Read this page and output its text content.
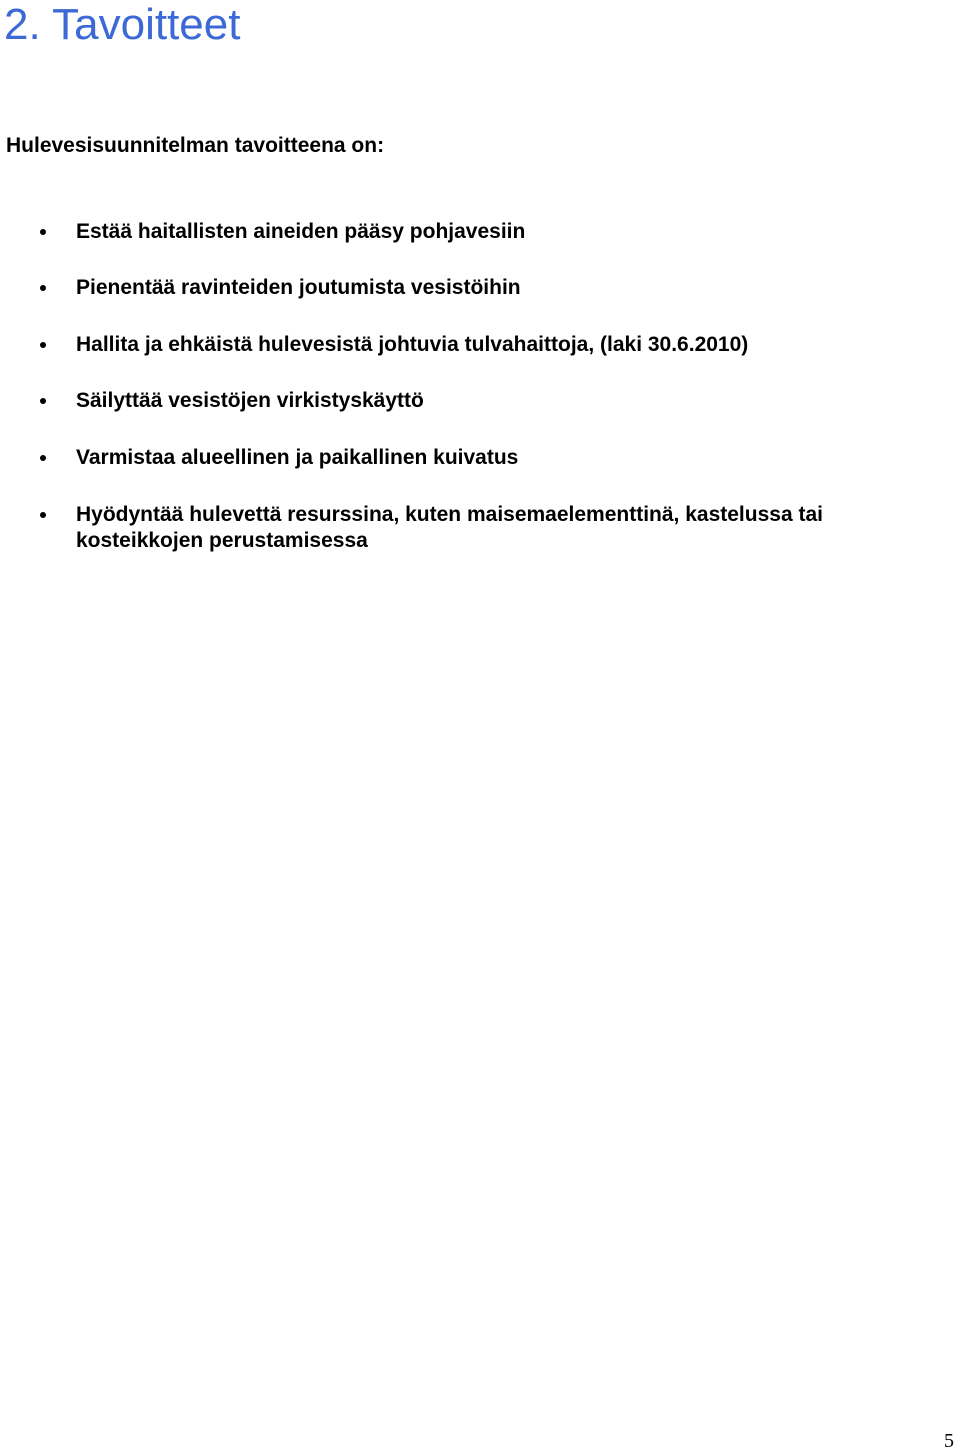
2. Tavoitteet

Hulevesisuunnitelman tavoitteena on:

Estää haitallisten aineiden pääsy pohjavesiin
Pienentää ravinteiden joutumista vesistöihin
Hallita ja ehkäistä hulevesistä johtuvia tulvahaittoja, (laki 30.6.2010)
Säilyttää vesistöjen virkistyskäyttö
Varmistaa alueellinen ja paikallinen kuivatus
Hyödyntää hulevettä resurssina, kuten maisemaelementtinä, kastelussa tai kosteikkojen perustamisessa
5
